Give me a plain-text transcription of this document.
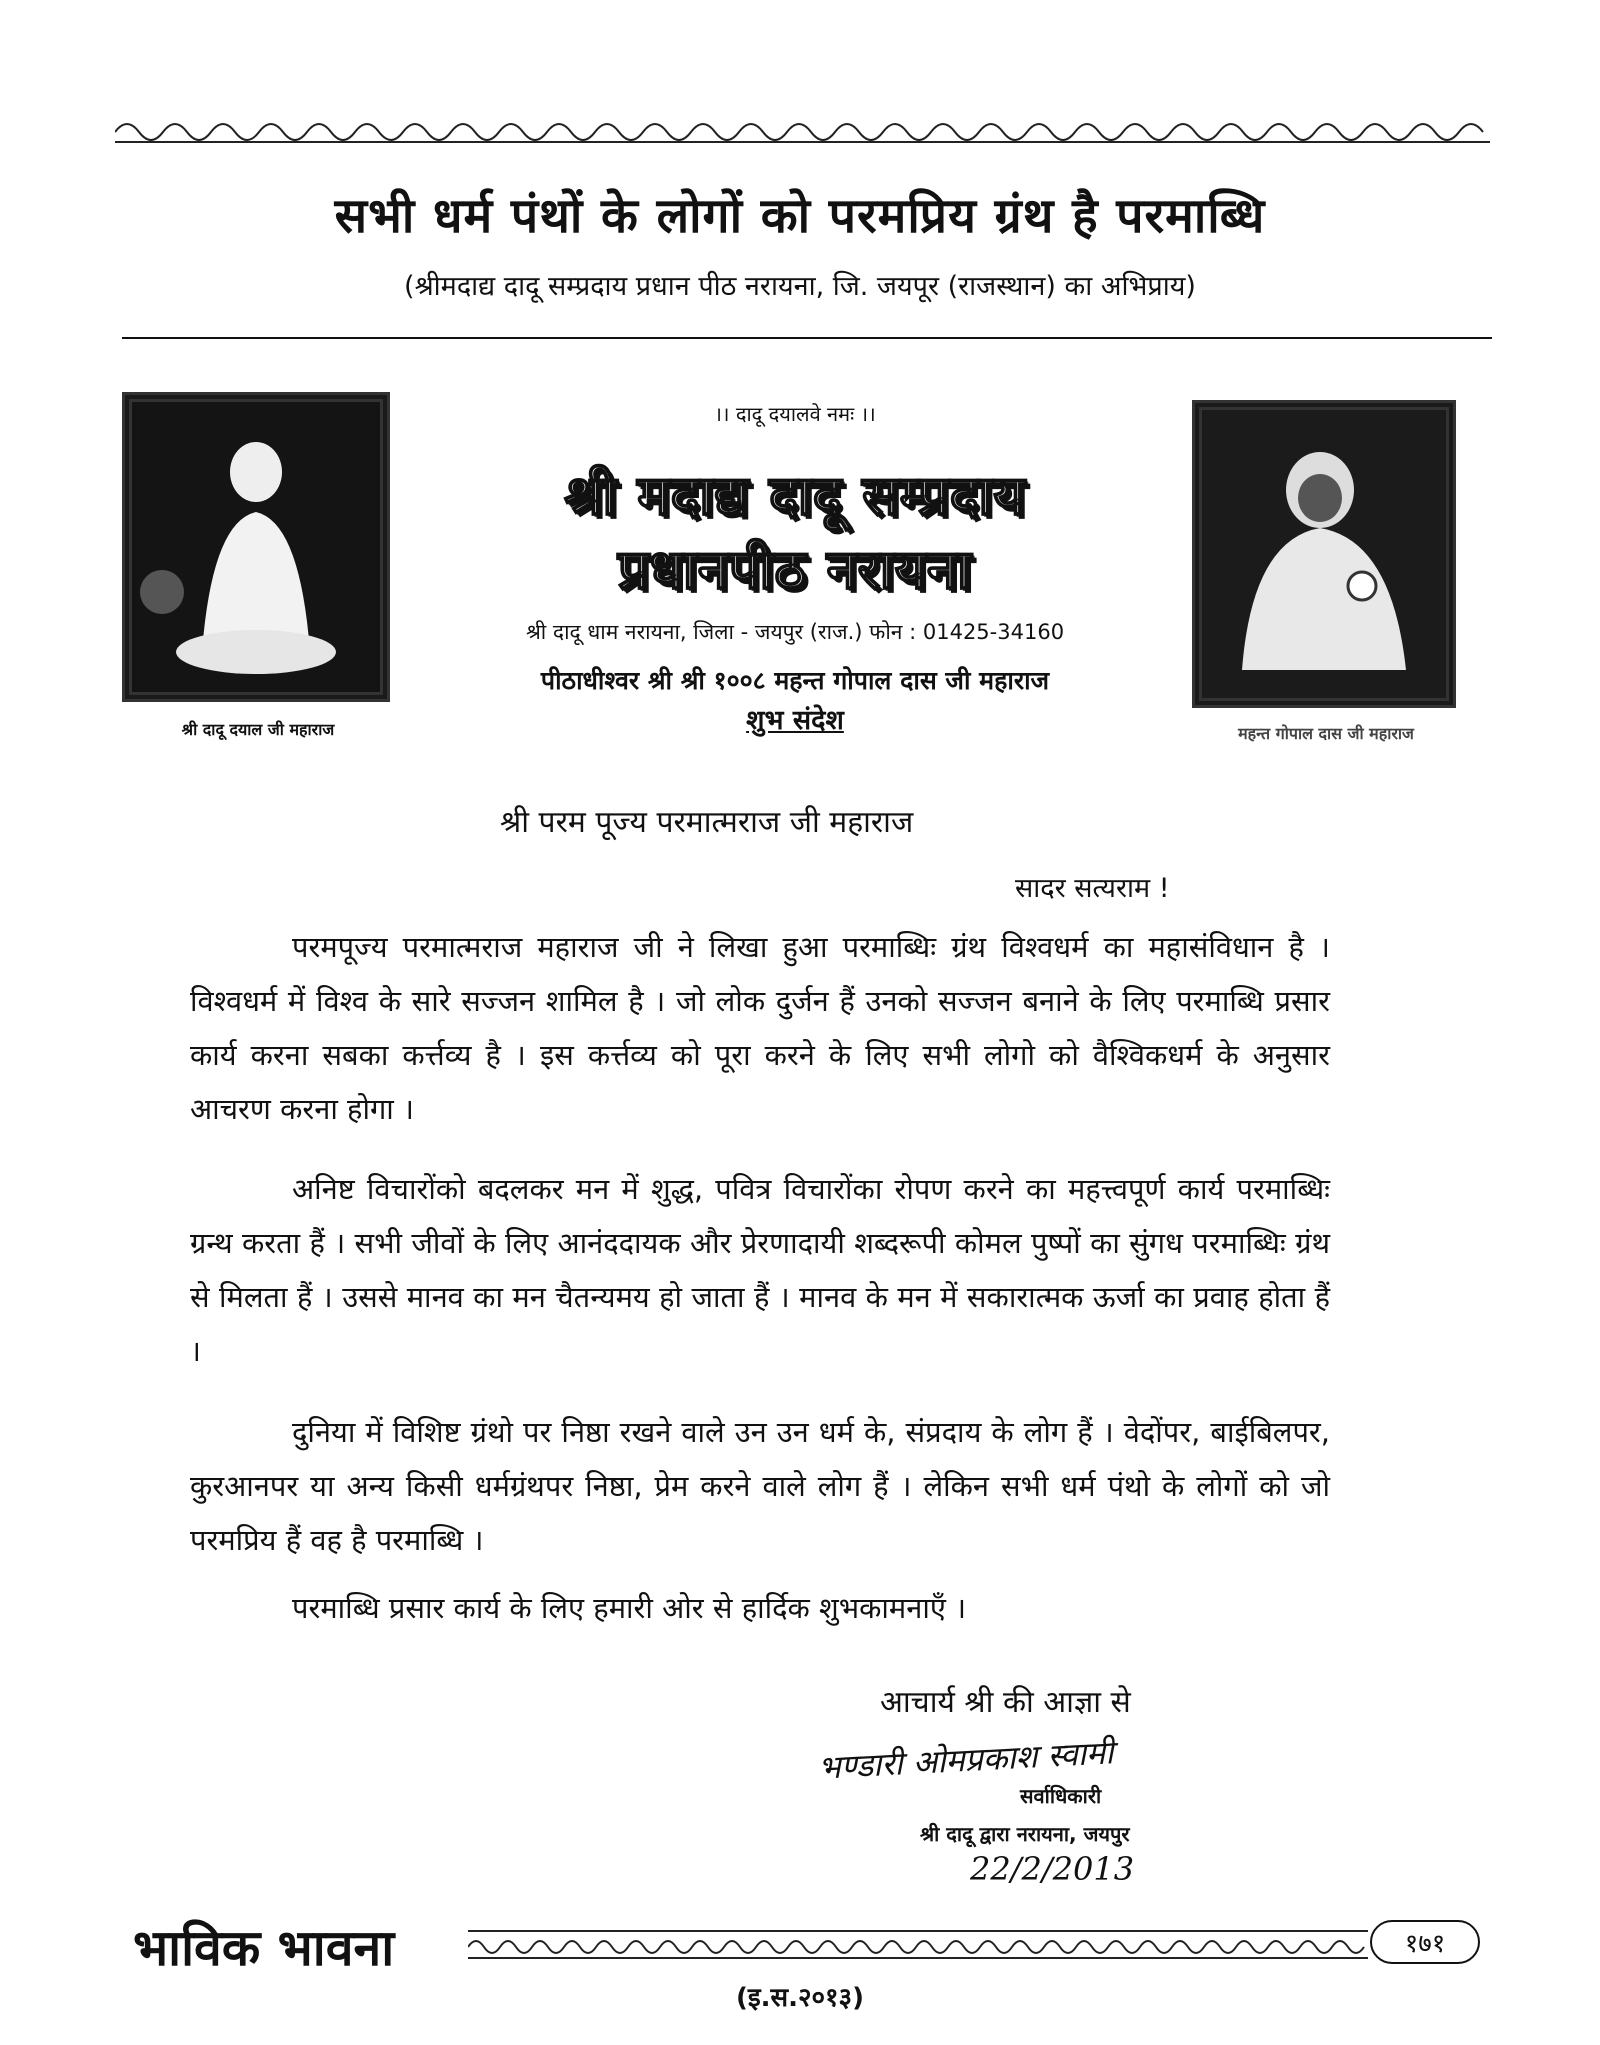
सभी धर्म पंथों के लोगों को परमप्रिय ग्रंथ है परमाब्धि
(श्रीमदाद्य दादू सम्प्रदाय प्रधान पीठ नरायना, जि. जयपूर (राजस्थान) का अभिप्राय)
श्री दादू दयाल जी महाराज	महन्त गोपाल दास जी महाराज
।। दादू दयालवे नमः ।।
श्री मदाद्य दादू सम्प्रदाय
प्रधानपीठ नरायना
श्री दादू धाम नरायना, जिला - जयपुर (राज.) फोन : 01425-34160
पीठाधीश्वर श्री श्री १००८ महन्त गोपाल दास जी महाराज
शुभ संदेश
श्री परम पूज्य परमात्मराज जी महाराज
सादर सत्यराम !

परमपूज्य परमात्मराज महाराज जी ने लिखा हुआ परमाब्धिः ग्रंथ विश्वधर्म का महासंविधान है । विश्वधर्म में विश्व के सारे सज्जन शामिल है । जो लोक दुर्जन हैं उनको सज्जन बनाने के लिए परमाब्धि प्रसार कार्य करना सबका कर्त्तव्य है । इस कर्त्तव्य को पूरा करने के लिए सभी लोगो को वैश्विकधर्म के अनुसार आचरण करना होगा ।

अनिष्ट विचारोंको बदलकर मन में शुद्ध, पवित्र विचारोंका रोपण करने का महत्त्वपूर्ण कार्य परमाब्धिः ग्रन्थ करता हैं । सभी जीवों के लिए आनंददायक और प्रेरणादायी शब्दरूपी कोमल पुष्पों का सुंगध परमाब्धिः ग्रंथ से मिलता हैं । उससे मानव का मन चैतन्यमय हो जाता हैं । मानव के मन में सकारात्मक ऊर्जा का प्रवाह होता हैं ।

दुनिया में विशिष्ट ग्रंथो पर निष्ठा रखने वाले उन उन धर्म के, संप्रदाय के लोग हैं । वेदोंपर, बाईबिलपर, कुरआनपर या अन्य किसी धर्मग्रंथपर निष्ठा, प्रेम करने वाले लोग हैं । लेकिन सभी धर्म पंथो के लोगों को जो परमप्रिय हैं वह है परमाब्धि ।

परमाब्धि प्रसार कार्य के लिए हमारी ओर से हार्दिक शुभकामनाएँ ।

आचार्य श्री की आज्ञा से
भण्डारी ओमप्रकाश स्वामी
सर्वाधिकारी
श्री दादू द्वारा नरायना, जयपुर
22/2/2013
भाविक भावना	१७१
(इ.स.२०१३)
